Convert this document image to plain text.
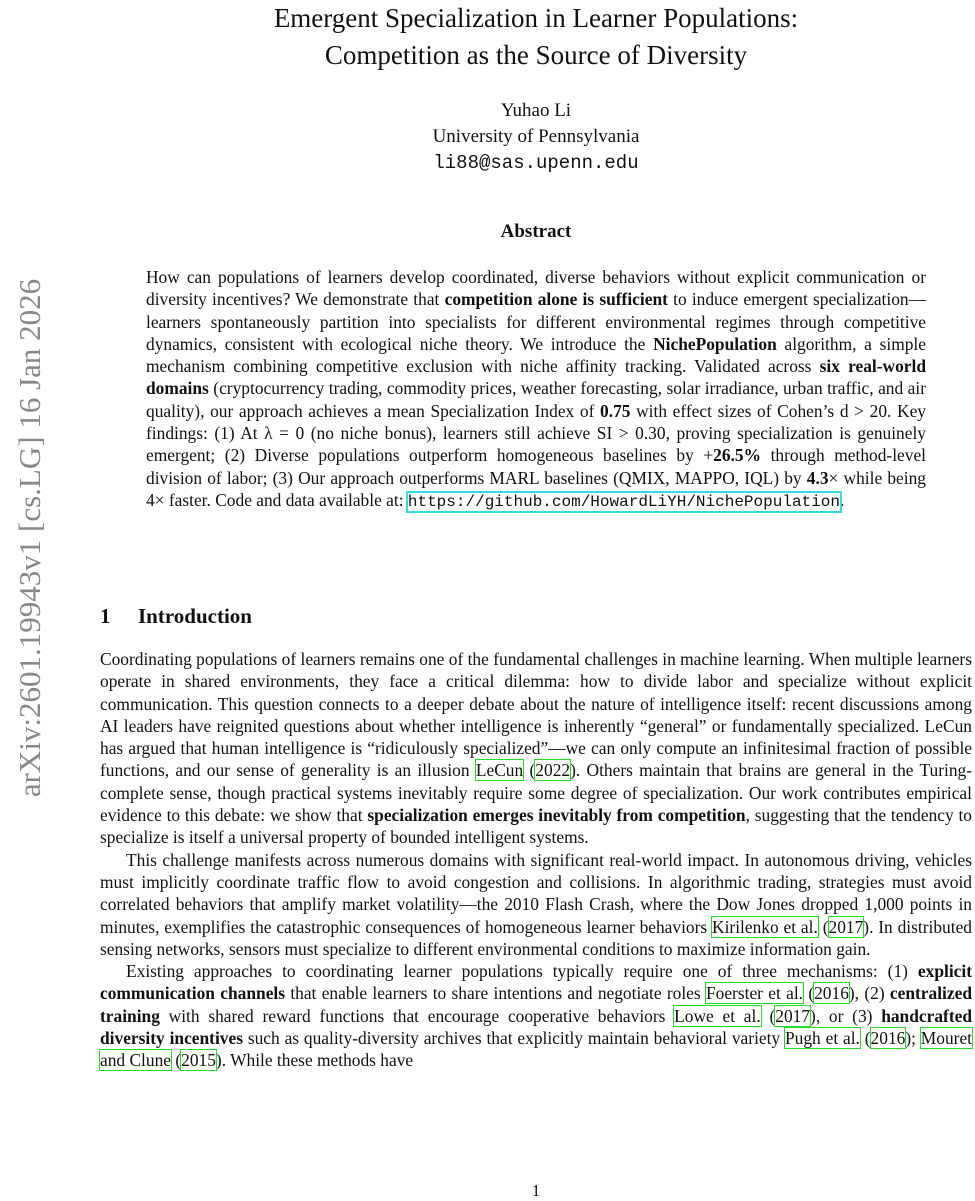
arXiv:2601.19943v1 [cs.LG] 16 Jan 2026
Emergent Specialization in Learner Populations:
Competition as the Source of Diversity
Yuhao Li
University of Pennsylvania
li88@sas.upenn.edu
Abstract
How can populations of learners develop coordinated, diverse behaviors without explicit communication or diversity incentives? We demonstrate that competition alone is sufficient to induce emergent specialization—learners spontaneously partition into specialists for different environmental regimes through competitive dynamics, consistent with ecological niche theory. We introduce the NichePopulation algorithm, a simple mechanism combining competitive exclusion with niche affinity tracking. Validated across six real-world domains (cryptocurrency trading, commodity prices, weather forecasting, solar irradiance, urban traffic, and air quality), our approach achieves a mean Specialization Index of 0.75 with effect sizes of Cohen’s d > 20. Key findings: (1) At λ = 0 (no niche bonus), learners still achieve SI > 0.30, proving specialization is genuinely emergent; (2) Diverse populations outperform homogeneous baselines by +26.5% through method-level division of labor; (3) Our approach outperforms MARL baselines (QMIX, MAPPO, IQL) by 4.3× while being 4× faster. Code and data available at: https://github.com/HowardLiYH/NichePopulation.
1 Introduction

Coordinating populations of learners remains one of the fundamental challenges in machine learning. When multiple learners operate in shared environments, they face a critical dilemma: how to divide labor and specialize without explicit communication. This question connects to a deeper debate about the nature of intelligence itself: recent discussions among AI leaders have reignited questions about whether intelligence is inherently “general” or fundamentally specialized. LeCun has argued that human intelligence is “ridiculously specialized”—we can only compute an infinitesimal fraction of possible functions, and our sense of generality is an illusion LeCun (2022). Others maintain that brains are general in the Turing-complete sense, though practical systems inevitably require some degree of specialization. Our work contributes empirical evidence to this debate: we show that specialization emerges inevitably from competition, suggesting that the tendency to specialize is itself a universal property of bounded intelligent systems.

This challenge manifests across numerous domains with significant real-world impact. In autonomous driving, vehicles must implicitly coordinate traffic flow to avoid congestion and collisions. In algorithmic trading, strategies must avoid correlated behaviors that amplify market volatility—the 2010 Flash Crash, where the Dow Jones dropped 1,000 points in minutes, exemplifies the catastrophic consequences of homogeneous learner behaviors Kirilenko et al. (2017). In distributed sensing networks, sensors must specialize to different environmental conditions to maximize information gain.

Existing approaches to coordinating learner populations typically require one of three mechanisms: (1) explicit communication channels that enable learners to share intentions and negotiate roles Foerster et al. (2016), (2) centralized training with shared reward functions that encourage cooperative behaviors Lowe et al. (2017), or (3) handcrafted diversity incentives such as quality-diversity archives that explicitly maintain behavioral variety Pugh et al. (2016); Mouret and Clune (2015). While these methods have

1
